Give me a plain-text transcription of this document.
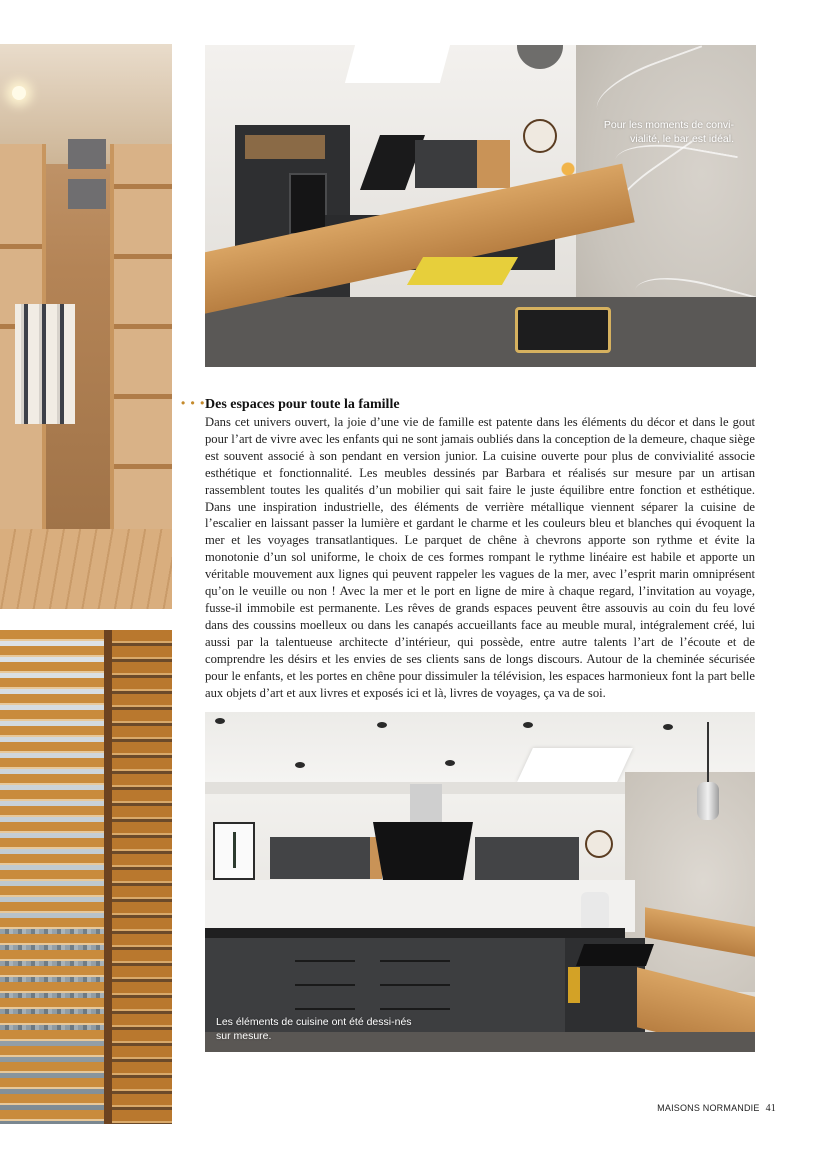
Pour les moments de convi-vialité, le bar est idéal.
• • • Des espaces pour toute la famille

Dans cet univers ouvert, la joie d’une vie de famille est patente dans les éléments du décor et dans le gout pour l’art de vivre avec les enfants qui ne sont jamais oubliés dans la conception de la demeure, chaque siège est souvent associé à son pendant en version junior. La cuisine ouverte pour plus de convivialité associe esthétique et fonctionnalité. Les meubles dessinés par Barbara et réalisés sur mesure par un artisan rassemblent toutes les qualités d’un mobilier qui sait faire le juste équilibre entre fonction et esthétique. Dans une inspiration industrielle, des éléments de verrière métallique viennent séparer la cuisine de l’escalier en laissant passer la lumière et gardant le charme et les couleurs bleu et blanches qui évoquent la mer et les voyages transatlantiques. Le parquet de chêne à chevrons apporte son rythme et évite la monotonie d’un sol uniforme, le choix de ces formes rompant le rythme linéaire est habile et apporte un véritable mouvement aux lignes qui peuvent rappeler les vagues de la mer, avec l’esprit marin omniprésent qu’on le veuille ou non ! Avec la mer et le port en ligne de mire à chaque regard, l’invitation au voyage, fusse-il immobile est permanente. Les rêves de grands espaces peuvent être assouvis au coin du feu lové dans des coussins moelleux ou dans les canapés accueillants face au meuble mural, intégralement créé, lui aussi par la talentueuse architecte d’intérieur, qui possède, entre autre talents l’art de l’écoute et de comprendre les désirs et les envies de ses clients sans de longs discours. Autour de la cheminée sécurisée pour le enfants, et les portes en chêne pour dissimuler la télévision, les espaces harmonieux font la part belle aux objets d’art et aux livres et exposés ici et là, livres de voyages, ça va de soi.

Les éléments de cuisine ont été dessi-nés sur mesure.
MAISONS NORMANDIE 41
